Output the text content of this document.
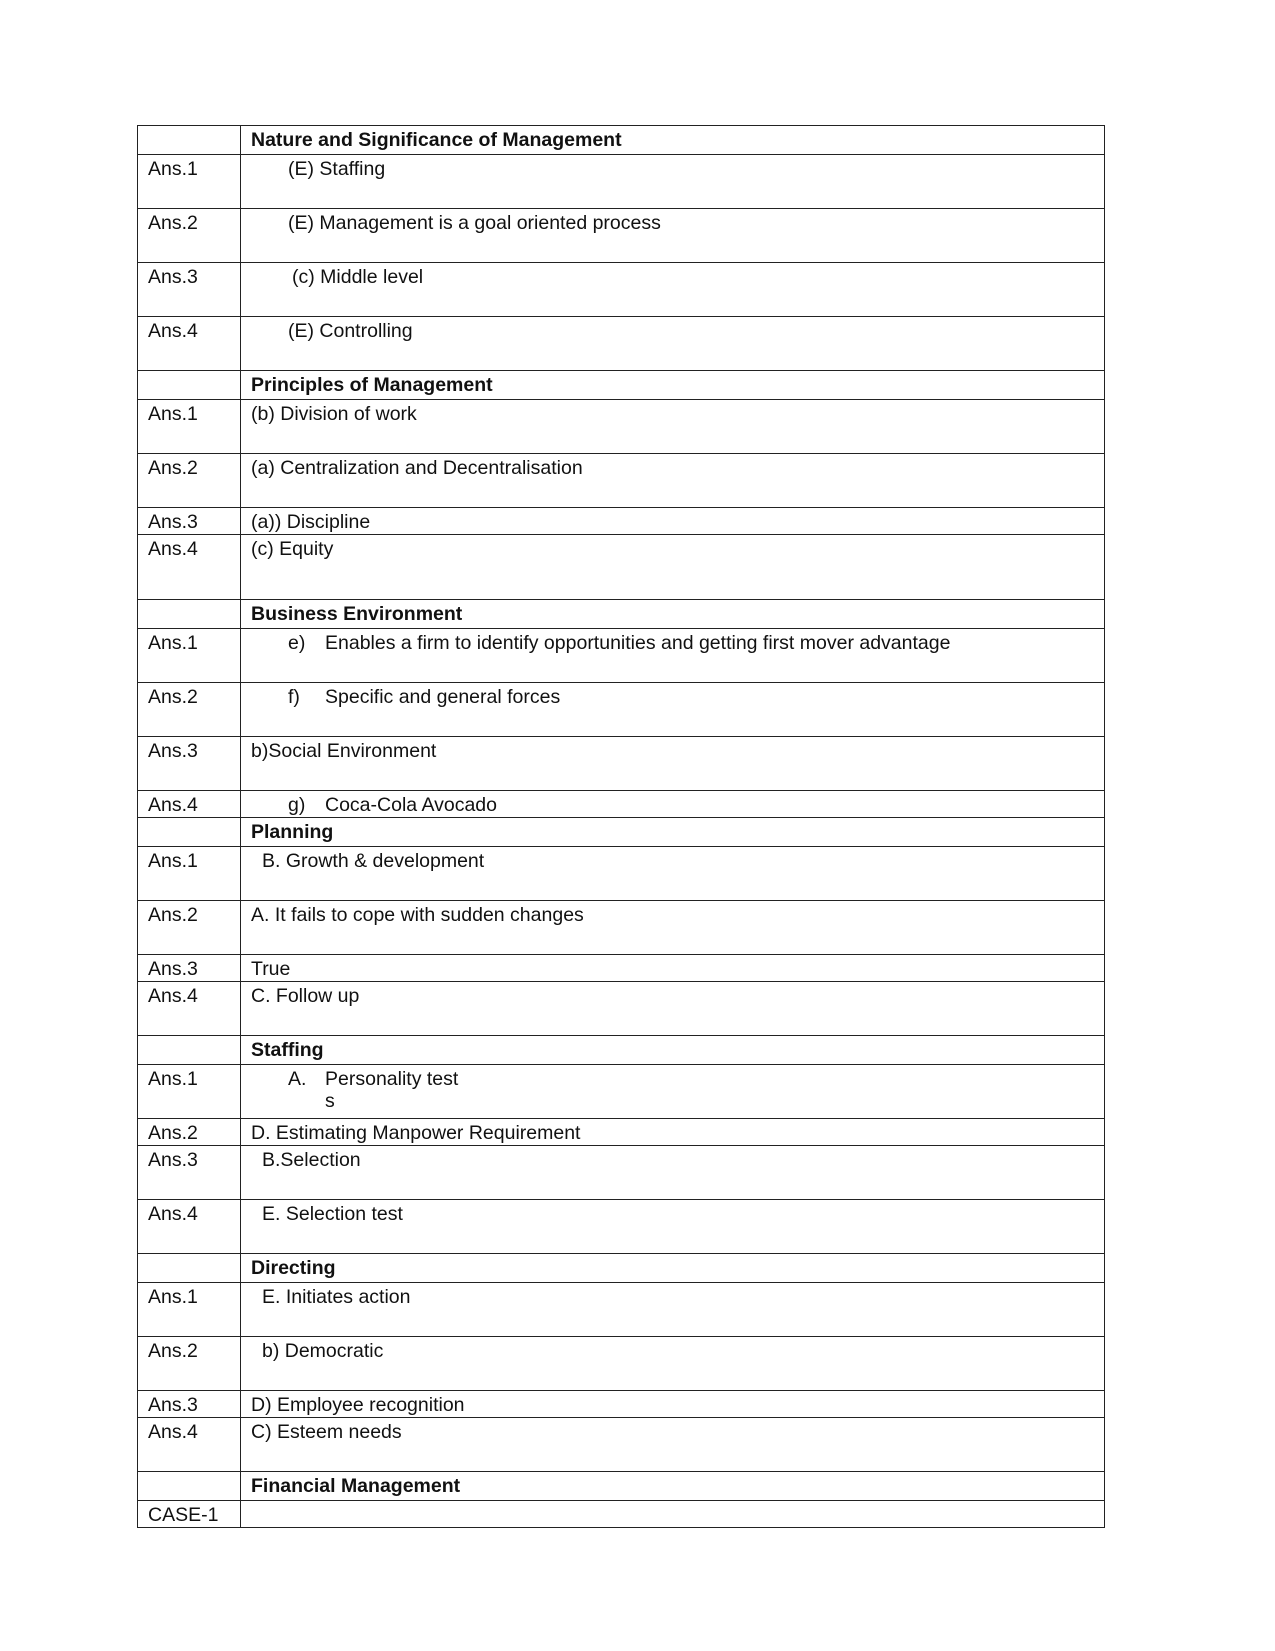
	Nature and Significance of Management
Ans.1	(E) Staffing
Ans.2	(E) Management is a goal oriented process
Ans.3	(c) Middle level
Ans.4	(E) Controlling
	Principles of Management
Ans.1	(b) Division of work
Ans.2	(a) Centralization and Decentralisation
Ans.3	(a)) Discipline
Ans.4	(c) Equity
	Business Environment
Ans.1	e) Enables a firm to identify opportunities and getting first mover advantage
Ans.2	f) Specific and general forces
Ans.3	b)Social Environment
Ans.4	g) Coca-Cola Avocado
	Planning
Ans.1	B. Growth & development
Ans.2	A. It fails to cope with sudden changes
Ans.3	True
Ans.4	C. Follow up
	Staffing
Ans.1	A. Personality test
s
Ans.2	D. Estimating Manpower Requirement
Ans.3	B.Selection
Ans.4	E. Selection test
	Directing
Ans.1	E. Initiates action
Ans.2	b) Democratic
Ans.3	D) Employee recognition
Ans.4	C) Esteem needs
	Financial Management
CASE-1	
